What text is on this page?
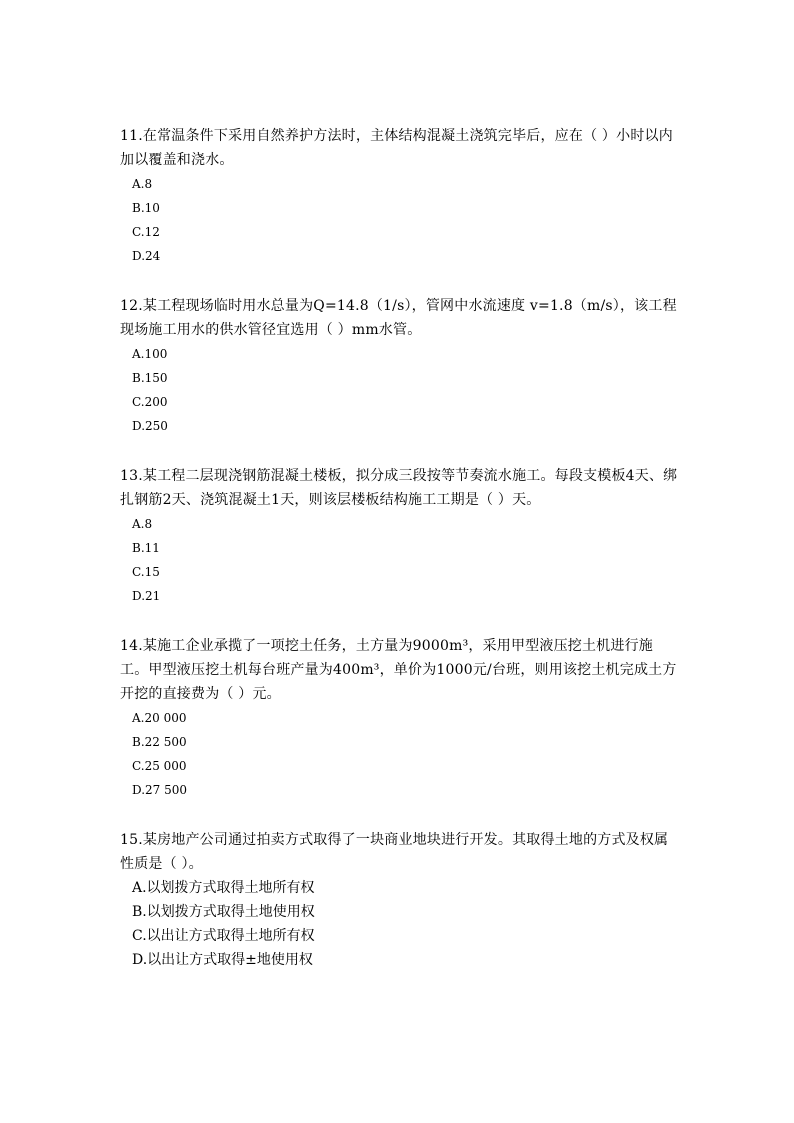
11.在常温条件下采用自然养护方法时，主体结构混凝土浇筑完毕后，应在（ ）小时以内加以覆盖和浇水。

A.8

B.10

C.12

D.24

12.某工程现场临时用水总量为Q=14.8（1/s），管网中水流速度 v=1.8（m/s），该工程现场施工用水的供水管径宜选用（ ）mm水管。

A.100

B.150

C.200

D.250

13.某工程二层现浇钢筋混凝土楼板，拟分成三段按等节奏流水施工。每段支模板4天、绑扎钢筋2天、浇筑混凝土1天，则该层楼板结构施工工期是（ ）天。

A.8

B.11

C.15

D.21

14.某施工企业承揽了一项挖土任务，土方量为9000m³，采用甲型液压挖土机进行施工。甲型液压挖土机每台班产量为400m³，单价为1000元/台班，则用该挖土机完成土方开挖的直接费为（ ）元。

A.20 000

B.22 500

C.25 000

D.27 500

15.某房地产公司通过拍卖方式取得了一块商业地块进行开发。其取得土地的方式及权属性质是（ ）。

A.以划拨方式取得土地所有权

B.以划拨方式取得土地使用权

C.以出让方式取得土地所有权

D.以出让方式取得±地使用权
